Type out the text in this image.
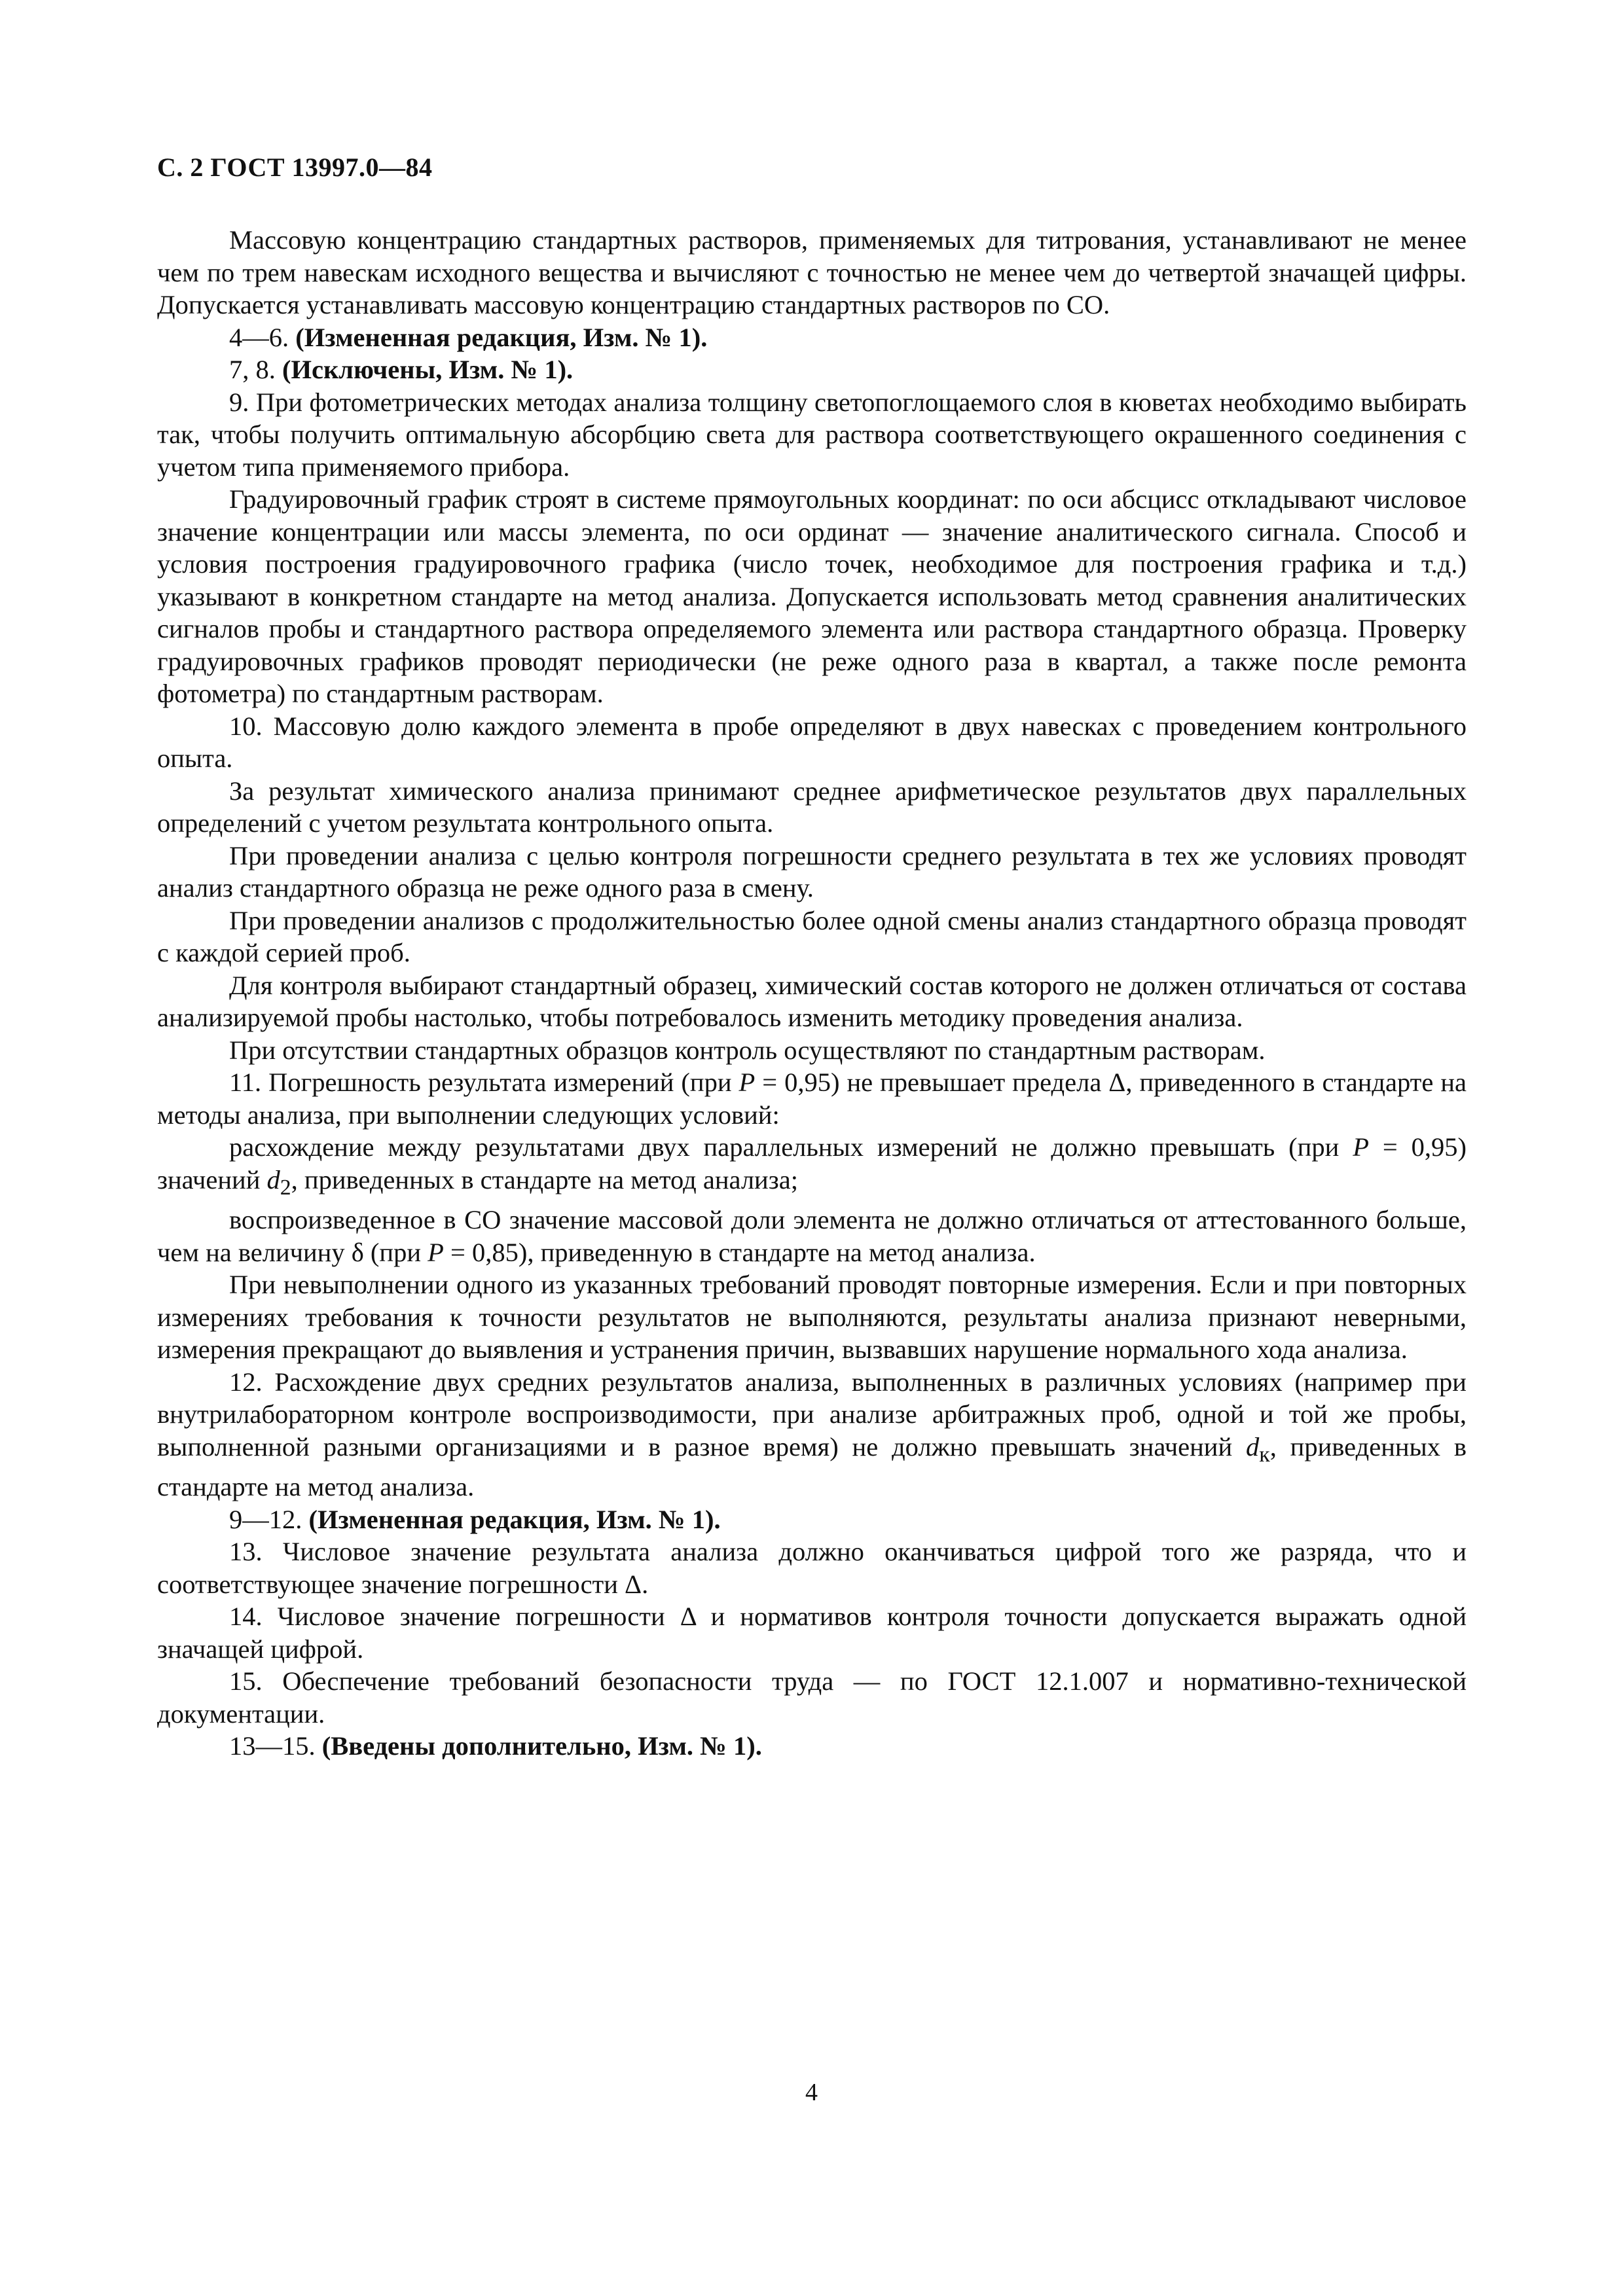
С. 2 ГОСТ 13997.0—84

Массовую концентрацию стандартных растворов, применяемых для титрования, устанавливают не менее чем по трем навескам исходного вещества и вычисляют с точностью не менее чем до четвертой значащей цифры. Допускается устанавливать массовую концентрацию стандартных растворов по СО.

4—6. (Измененная редакция, Изм. № 1).

7, 8. (Исключены, Изм. № 1).

9. При фотометрических методах анализа толщину светопоглощаемого слоя в кюветах необходимо выбирать так, чтобы получить оптимальную абсорбцию света для раствора соответствующего окрашенного соединения с учетом типа применяемого прибора.

Градуировочный график строят в системе прямоугольных координат: по оси абсцисс откладывают числовое значение концентрации или массы элемента, по оси ординат — значение аналитического сигнала. Способ и условия построения градуировочного графика (число точек, необходимое для построения графика и т.д.) указывают в конкретном стандарте на метод анализа. Допускается использовать метод сравнения аналитических сигналов пробы и стандартного раствора определяемого элемента или раствора стандартного образца. Проверку градуировочных графиков проводят периодически (не реже одного раза в квартал, а также после ремонта фотометра) по стандартным растворам.

10. Массовую долю каждого элемента в пробе определяют в двух навесках с проведением контрольного опыта.

За результат химического анализа принимают среднее арифметическое результатов двух параллельных определений с учетом результата контрольного опыта.

При проведении анализа с целью контроля погрешности среднего результата в тех же условиях проводят анализ стандартного образца не реже одного раза в смену.

При проведении анализов с продолжительностью более одной смены анализ стандартного образца проводят с каждой серией проб.

Для контроля выбирают стандартный образец, химический состав которого не должен отличаться от состава анализируемой пробы настолько, чтобы потребовалось изменить методику проведения анализа.

При отсутствии стандартных образцов контроль осуществляют по стандартным растворам.

11. Погрешность результата измерений (при P = 0,95) не превышает предела Δ, приведенного в стандарте на методы анализа, при выполнении следующих условий:

расхождение между результатами двух параллельных измерений не должно превышать (при P = 0,95) значений $d_2$, приведенных в стандарте на метод анализа;

воспроизведенное в СО значение массовой доли элемента не должно отличаться от аттестованного больше, чем на величину δ (при P = 0,85), приведенную в стандарте на метод анализа.

При невыполнении одного из указанных требований проводят повторные измерения. Если и при повторных измерениях требования к точности результатов не выполняются, результаты анализа признают неверными, измерения прекращают до выявления и устранения причин, вызвавших нарушение нормального хода анализа.

12. Расхождение двух средних результатов анализа, выполненных в различных условиях (например при внутрилабораторном контроле воспроизводимости, при анализе арбитражных проб, одной и той же пробы, выполненной разными организациями и в разное время) не должно превышать значений $d_к$, приведенных в стандарте на метод анализа.

9—12. (Измененная редакция, Изм. № 1).

13. Числовое значение результата анализа должно оканчиваться цифрой того же разряда, что и соответствующее значение погрешности Δ.

14. Числовое значение погрешности Δ и нормативов контроля точности допускается выражать одной значащей цифрой.

15. Обеспечение требований безопасности труда — по ГОСТ 12.1.007 и нормативно-технической документации.

13—15. (Введены дополнительно, Изм. № 1).

4
